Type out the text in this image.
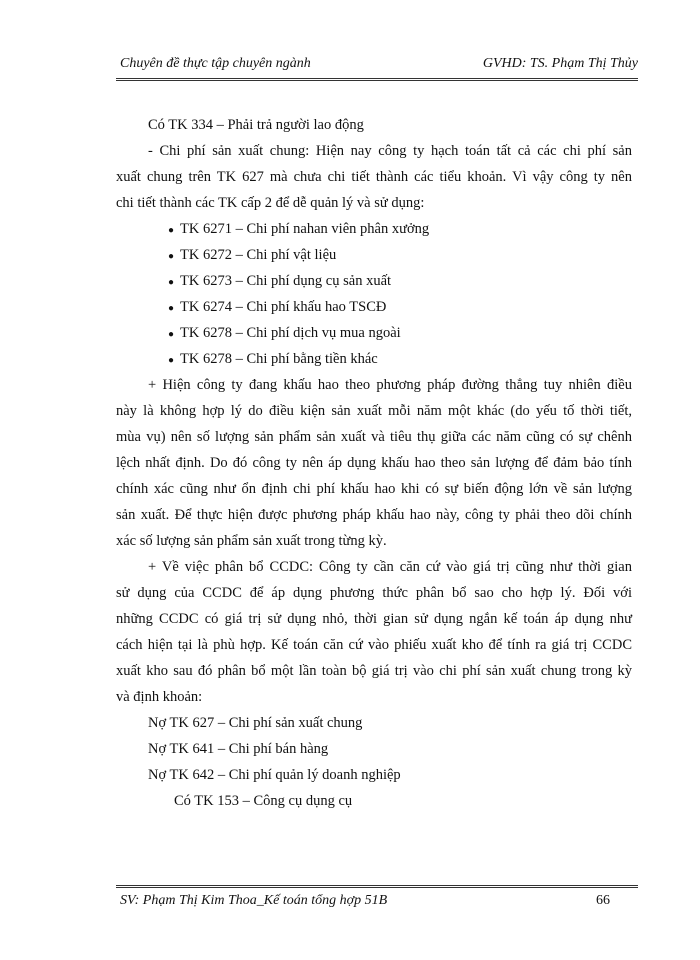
Chuyên đề thực tập chuyên ngành	GVHD: TS. Phạm Thị Thủy
Có TK 334 – Phải trả người lao động
- Chi phí sản xuất chung: Hiện nay công ty hạch toán tất cả các chi phí sản
xuất chung trên TK 627 mà chưa chi tiết thành các tiểu khoản. Vì vậy công ty nên
chi tiết thành các TK cấp 2 để dễ quản lý và sử dụng:
● TK 6271 – Chi phí nahan viên phân xưởng
● TK 6272 – Chi phí vật liệu
● TK 6273 – Chi phí dụng cụ sản xuất
● TK 6274 – Chi phí khấu hao TSCĐ
● TK 6278 – Chi phí dịch vụ mua ngoài
● TK 6278 – Chi phí bằng tiền khác
+ Hiện công ty đang khấu hao theo phương pháp đường thẳng tuy nhiên điều
này là không hợp lý do điều kiện sản xuất mỗi năm một khác (do yếu tố thời tiết,
mùa vụ) nên số lượng sản phẩm sản xuất và tiêu thụ giữa các năm cũng có sự chênh
lệch nhất định. Do đó công ty nên áp dụng khấu hao theo sản lượng để đảm bảo tính
chính xác cũng như ổn định chi phí khấu hao khi có sự biến động lớn về sản lượng
sản xuất. Để thực hiện được phương pháp khấu hao này, công ty phải theo dõi chính
xác số lượng sản phẩm sản xuất trong từng kỳ.
+ Về việc phân bổ CCDC: Công ty cần căn cứ vào giá trị cũng như thời gian
sử dụng của CCDC để áp dụng phương thức phân bổ sao cho hợp lý. Đối với
những CCDC có giá trị sử dụng nhỏ, thời gian sử dụng ngắn kế toán áp dụng như
cách hiện tại là phù hợp. Kế toán căn cứ vào phiếu xuất kho để tính ra giá trị CCDC
xuất kho sau đó phân bổ một lần toàn bộ giá trị vào chi phí sản xuất chung trong kỳ
và định khoản:
Nợ TK 627 – Chi phí sản xuất chung
Nợ TK 641 – Chi phí bán hàng
Nợ TK 642 – Chi phí quản lý doanh nghiệp
Có TK 153 – Công cụ dụng cụ
SV: Phạm Thị Kim Thoa_Kế toán tổng hợp 51B	66
